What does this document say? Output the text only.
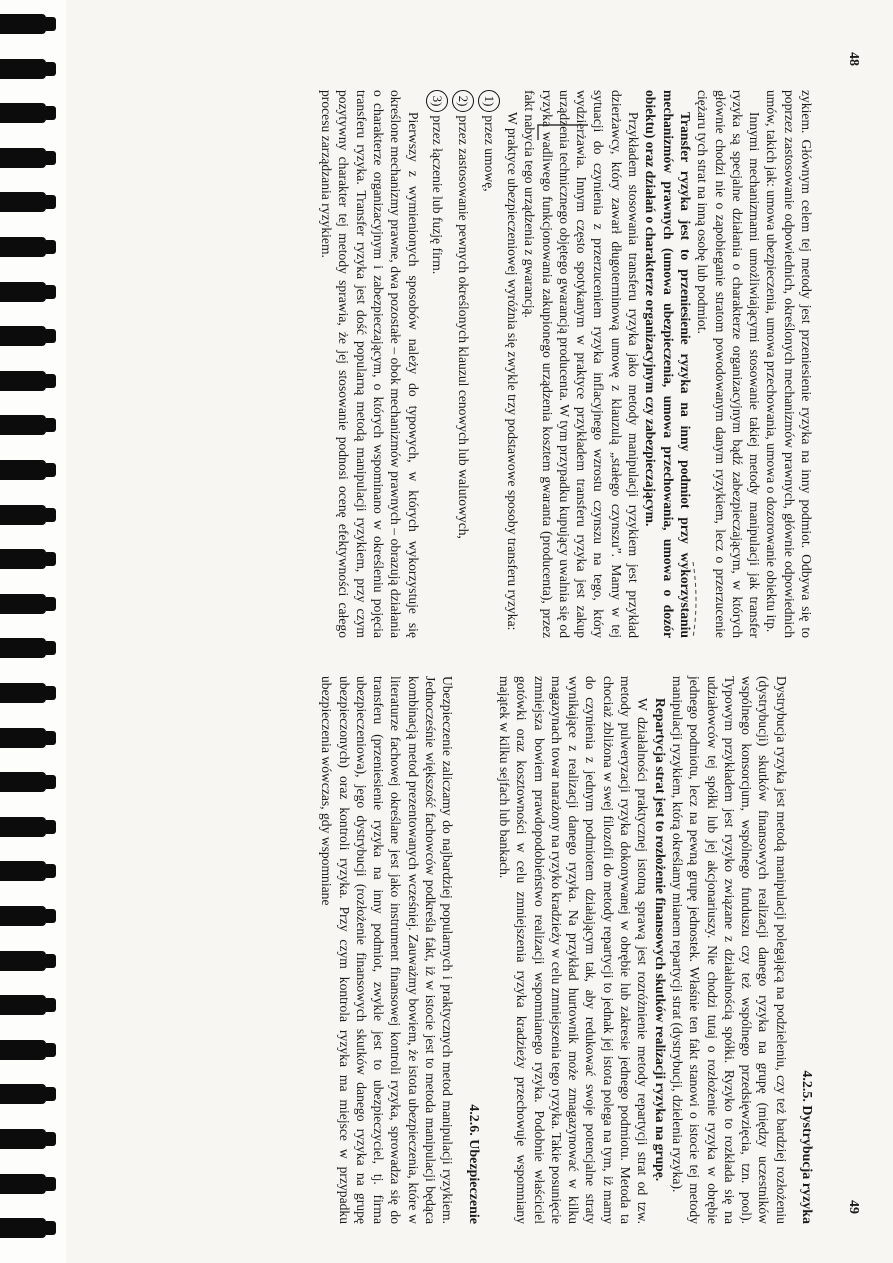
48
49

zykiem. Głównym celem tej metody jest przeniesienie ryzyka na inny podmiot. Odbywa się to poprzez zastosowanie odpowiednich, określonych mechanizmów prawnych, głównie odpowiednich umów, takich jak: umowa ubezpieczenia, umowa przechowania, umowa o dozorowanie obiektu itp.

Innymi mechanizmami umożliwiającymi stosowanie takiej metody manipulacji jak transfer ryzyka są specjalne działania o charakterze organizacyjnym bądź zabezpieczającym, w których głównie chodzi nie o zapobieganie stratom powodowanym danym ryzykiem, lecz o przerzucenie ciężaru tych strat na inną osobę lub podmiot.

Transfer ryzyka jest to przeniesienie ryzyka na inny podmiot przy wykorzystaniu mechanizmów prawnych (umowa ubezpieczenia, umowa przechowania, umowa o dozór obiektu) oraz działań o charakterze organizacyjnym czy zabezpieczającym.

Przykładem stosowania transferu ryzyka jako metody manipulacji ryzykiem jest przykład dzierżawcy, który zawarł długoterminową umowę z klauzulą „stałego czynszu”. Mamy w tej sytuacji do czynienia z przerzuceniem ryzyka inflacyjnego wzrostu czynszu na tego, który wydzierżawia. Innym często spotykanym w praktyce przykładem transferu ryzyka jest zakup urządzenia technicznego objętego gwarancją producenta. W tym przypadku kupujący uwalnia się od ryzyka wadliwego funkcjonowania zakupionego urządzenia kosztem gwaranta (producenta), przez fakt nabycia tego urządzenia z gwarancją.

W praktyce ubezpieczeniowej wyróżnia się zwykle trzy podstawowe sposoby transferu ryzyka:

1) przez umowę,
2) przez zastosowanie pewnych określonych klauzul cenowych lub walutowych,
3) przez łączenie lub fuzję firm.

Pierwszy z wymienionych sposobów należy do typowych, w których wykorzystuje się określone mechanizmy prawne, dwa pozostałe – obok mechanizmów prawnych – obrazują działania o charakterze organizacyjnym i zabezpieczającym, o których wspominano w określeniu pojęcia transferu ryzyka. Transfer ryzyka jest dość popularną metodą manipulacji ryzykiem, przy czym pozytywny charakter tej metody sprawia, że jej stosowanie podnosi ocenę efektywności całego procesu zarządzania ryzykiem.

4.2.5. Dystrybucja ryzyka

Dystrybucja ryzyka jest metodą manipulacji polegającą na podzieleniu, czy też bardziej rozłożeniu (dystrybucji) skutków finansowych realizacji danego ryzyka na grupę (między uczestników wspólnego konsorcjum, wspólnego funduszu czy też wspólnego przedsięwzięcia, tzn. pool). Typowym przykładem jest ryzyko związane z działalnością spółki. Ryzyko to rozkłada się na udziałowców tej spółki lub jej akcjonariuszy. Nie chodzi tutaj o rozłożenie ryzyka w obrębie jednego podmiotu, lecz na pewną grupę jednostek. Właśnie ten fakt stanowi o istocie tej metody manipulacji ryzykiem, którą określamy mianem repartycji strat (dystrybucji, dzielenia ryzyka).

Repartycja strat jest to rozłożenie finansowych skutków realizacji ryzyka na grupę.

W działalności praktycznej istotną sprawą jest rozróżnienie metody repartycji strat od tzw. metody pulweryzacji ryzyka dokonywanej w obrębie lub zakresie jednego podmiotu. Metoda ta chociaż zbliżona w swej filozofii do metody repartycji to jednak jej istota polega na tym, iż mamy do czynienia z jednym podmiotem działającym tak, aby redukować swoje potencjalne straty wynikające z realizacji danego ryzyka. Na przykład hurtownik może zmagazynować w kilku magazynach towar narażony na ryzyko kradzieży w celu zmniejszenia tego ryzyka. Takie posunięcie zmniejsza bowiem prawdopodobieństwo realizacji wspomnianego ryzyka. Podobnie właściciel gotówki oraz kosztowności w celu zmniejszenia ryzyka kradzieży przechowuje wspomniany majątek w kilku sejfach lub bankach.

4.2.6. Ubezpieczenie

Ubezpieczenie zaliczamy do najbardziej popularnych i praktycznych metod manipulacji ryzykiem. Jednocześnie większość fachowców podkreśla fakt, iż w istocie jest to metoda manipulacji będąca kombinacją metod prezentowanych wcześniej. Zauważmy bowiem, że istota ubezpieczenia, które w literaturze fachowej określane jest jako instrument finansowej kontroli ryzyka, sprowadza się do transferu (przeniesienie ryzyka na inny podmiot, zwykle jest to ubezpieczyciel, tj. firma ubezpieczeniowa), jego dystrybucji (rozłożenie finansowych skutków danego ryzyka na grupę ubezpieczonych) oraz kontroli ryzyka. Przy czym kontrola ryzyka ma miejsce w przypadku ubezpieczenia wówczas, gdy wspomniane
